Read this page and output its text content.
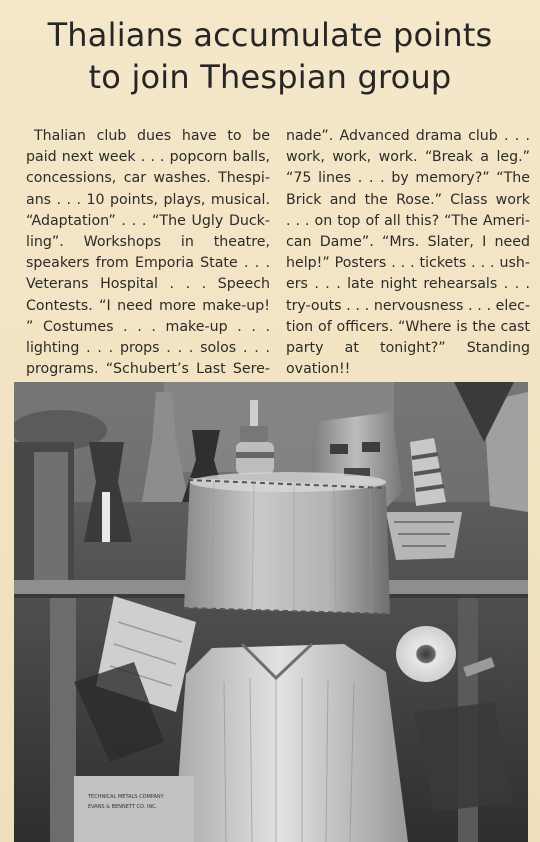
Thalians accumulate points
to join Thespian group
Thalian club dues have to be
paid next week . . . popcorn balls,
concessions, car washes. Thespi-
ans . . . 10 points, plays, musical.
“Adaptation” . . . “The Ugly Duck-
ling”. Workshops in theatre,
speakers from Emporia State . . .
Veterans Hospital . . . Speech
Contests. “I need more make-up!
” Costumes . . . make-up . . .
lighting . . . props . . . solos . . .
programs. “Schubert’s Last Sere-
nade”. Advanced drama club . . .
work, work, work. “Break a leg.”
“75 lines . . . by memory?” “The
Brick and the Rose.” Class work
. . . on top of all this? “The Ameri-
can Dame”. “Mrs. Slater, I need
help!” Posters . . . tickets . . . ush-
ers . . . late night rehearsals . . .
try-outs . . . nervousness . . . elec-
tion of officers. “Where is the cast
party at tonight?” Standing
ovation!!
TECHNICAL METALS COMPANY
EVANS & BENNETT CO. INC.
